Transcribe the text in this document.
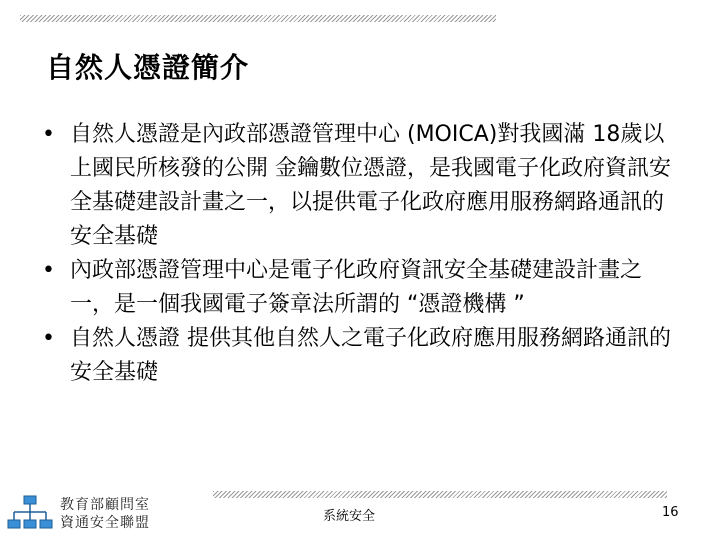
自然人憑證簡介
• 自然人憑證是內政部憑證管理中心 (MOICA)對我國滿 18歲以上國民所核發的公開 金鑰數位憑證，是我國電子化政府資訊安全基礎建設計畫之一，以提供電子化政府應用服務網路通訊的安全基礎
• 內政部憑證管理中心是電子化政府資訊安全基礎建設計畫之一，是一個我國電子簽章法所謂的 “憑證機構 ”
• 自然人憑證 提供其他自然人之電子化政府應用服務網路通訊的安全基礎
教育部顧問室
資通安全聯盟	系統安全	16
